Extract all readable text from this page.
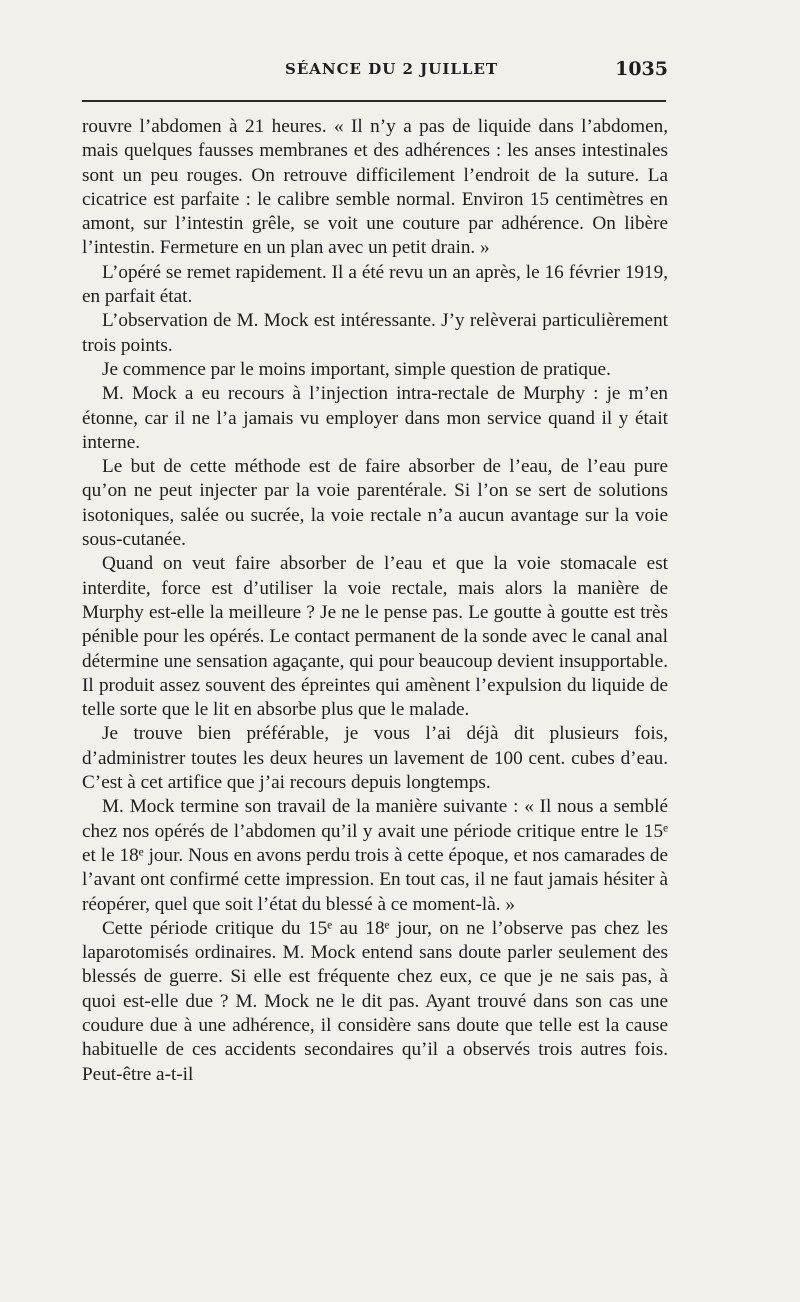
SÉANCE DU 2 JUILLET	1035

rouvre l’abdomen à 21 heures. « Il n’y a pas de liquide dans l’abdomen, mais quelques fausses membranes et des adhérences : les anses intestinales sont un peu rouges. On retrouve difficilement l’endroit de la suture. La cicatrice est parfaite : le calibre semble normal. Environ 15 centimètres en amont, sur l’intestin grêle, se voit une couture par adhérence. On libère l’intestin. Fermeture en un plan avec un petit drain. »

L’opéré se remet rapidement. Il a été revu un an après, le 16 février 1919, en parfait état.

L’observation de M. Mock est intéressante. J’y relèverai particulièrement trois points.

Je commence par le moins important, simple question de pratique.

M. Mock a eu recours à l’injection intra-rectale de Murphy : je m’en étonne, car il ne l’a jamais vu employer dans mon service quand il y était interne.

Le but de cette méthode est de faire absorber de l’eau, de l’eau pure qu’on ne peut injecter par la voie parentérale. Si l’on se sert de solutions isotoniques, salée ou sucrée, la voie rectale n’a aucun avantage sur la voie sous-cutanée.

Quand on veut faire absorber de l’eau et que la voie stomacale est interdite, force est d’utiliser la voie rectale, mais alors la manière de Murphy est-elle la meilleure ? Je ne le pense pas. Le goutte à goutte est très pénible pour les opérés. Le contact permanent de la sonde avec le canal anal détermine une sensation agaçante, qui pour beaucoup devient insupportable. Il produit assez souvent des épreintes qui amènent l’expulsion du liquide de telle sorte que le lit en absorbe plus que le malade.

Je trouve bien préférable, je vous l’ai déjà dit plusieurs fois, d’administrer toutes les deux heures un lavement de 100 cent. cubes d’eau. C’est à cet artifice que j’ai recours depuis longtemps.

M. Mock termine son travail de la manière suivante : « Il nous a semblé chez nos opérés de l’abdomen qu’il y avait une période critique entre le 15ᵉ et le 18ᵉ jour. Nous en avons perdu trois à cette époque, et nos camarades de l’avant ont confirmé cette impression. En tout cas, il ne faut jamais hésiter à réopérer, quel que soit l’état du blessé à ce moment-là. »

Cette période critique du 15ᵉ au 18ᵉ jour, on ne l’observe pas chez les laparotomisés ordinaires. M. Mock entend sans doute parler seulement des blessés de guerre. Si elle est fréquente chez eux, ce que je ne sais pas, à quoi est-elle due ? M. Mock ne le dit pas. Ayant trouvé dans son cas une coudure due à une adhérence, il considère sans doute que telle est la cause habituelle de ces accidents secondaires qu’il a observés trois autres fois. Peut-être a-t-il
